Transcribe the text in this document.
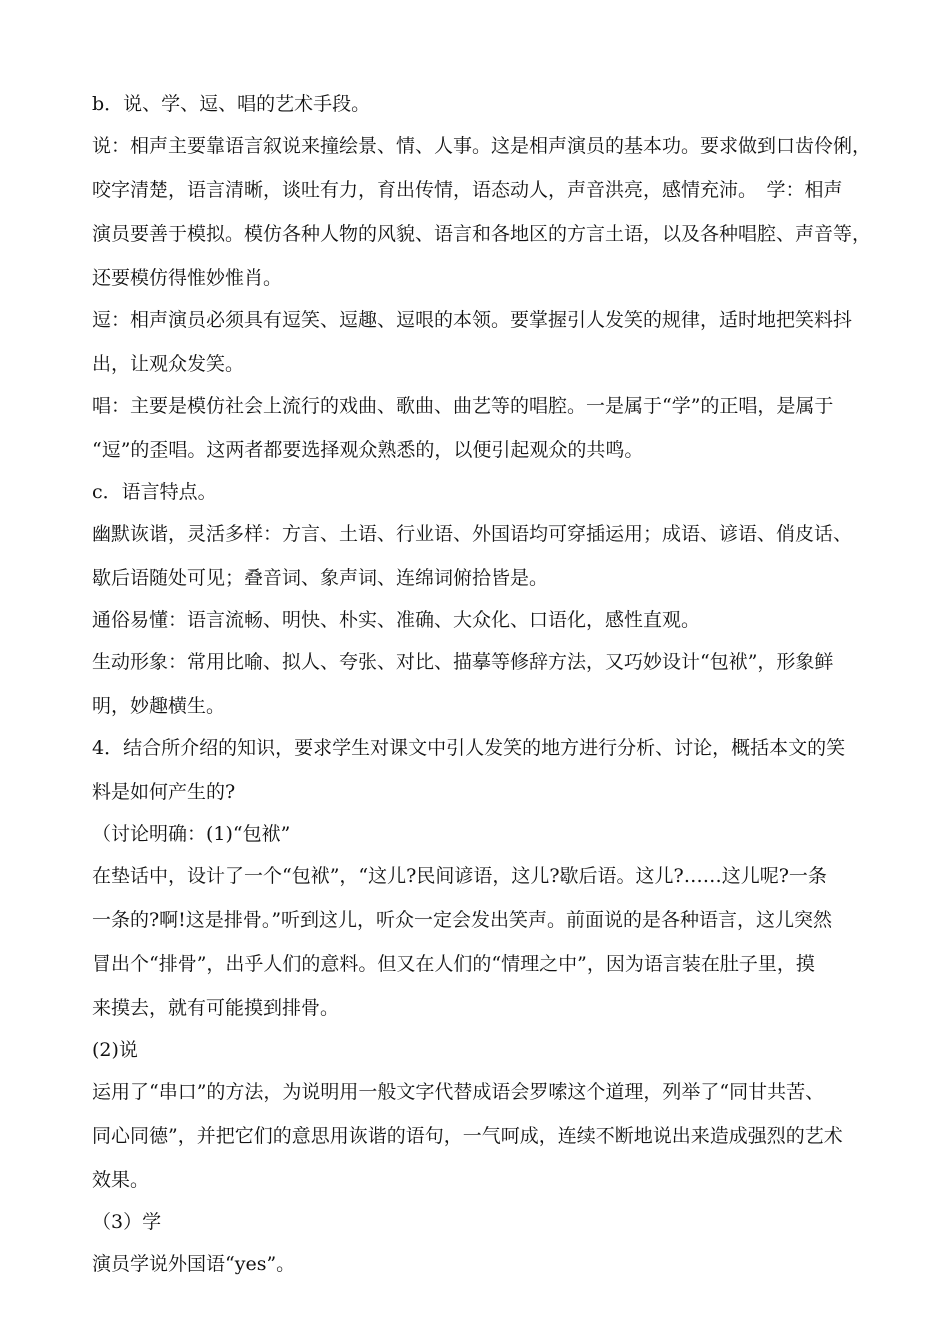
b．说、学、逗、唱的艺术手段。

说：相声主要靠语言叙说来撞绘景、情、人事。这是相声演员的基本功。要求做到口齿伶俐，

咬字清楚，语言清晰，谈吐有力，育出传情，语态动人，声音洪亮，感情充沛。　学：相声

演员要善于模拟。模仿各种人物的风貌、语言和各地区的方言土语，以及各种唱腔、声音等，

还要模仿得惟妙惟肖。

逗：相声演员必须具有逗笑、逗趣、逗哏的本领。要掌握引人发笑的规律，适时地把笑料抖

出，让观众发笑。

唱：主要是模仿社会上流行的戏曲、歌曲、曲艺等的唱腔。一是属于“学”的正唱，是属于

“逗”的歪唱。这两者都要选择观众熟悉的，以便引起观众的共鸣。

c．语言特点。

幽默诙谐，灵活多样：方言、土语、行业语、外国语均可穿插运用；成语、谚语、俏皮话、

歇后语随处可见；叠音词、象声词、连绵词俯拾皆是。

通俗易懂：语言流畅、明快、朴实、准确、大众化、口语化，感性直观。

生动形象：常用比喻、拟人、夸张、对比、描摹等修辞方法，又巧妙设计“包袱”，形象鲜

明，妙趣横生。

4．结合所介绍的知识，要求学生对课文中引人发笑的地方进行分析、讨论，概括本文的笑

料是如何产生的?

（讨论明确：(1)“包袱”

在垫话中，设计了一个“包袱”，“这儿?民间谚语，这儿?歇后语。这儿?……这儿呢?一条

一条的?啊!这是排骨。”听到这儿，听众一定会发出笑声。前面说的是各种语言，这儿突然

冒出个“排骨”，出乎人们的意料。但又在人们的“情理之中”，因为语言装在肚子里，摸

来摸去，就有可能摸到排骨。

(2)说

运用了“串口”的方法，为说明用一般文字代替成语会罗嗦这个道理，列举了“同甘共苦、

同心同德”，并把它们的意思用诙谐的语句，一气呵成，连续不断地说出来造成强烈的艺术

效果。

（3）学

演员学说外国语“yes”。
